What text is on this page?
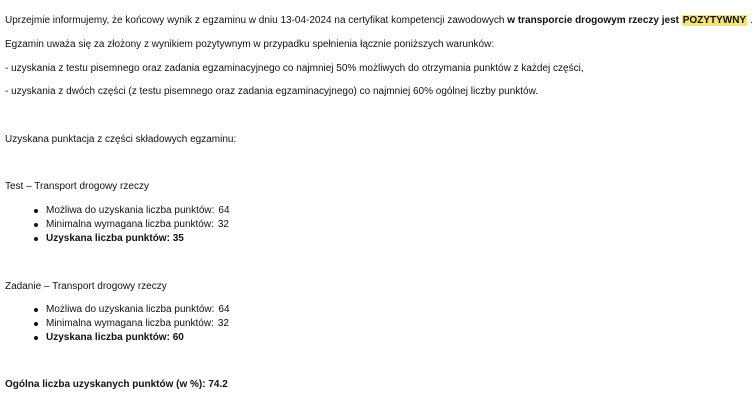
Uprzejmie informujemy, że końcowy wynik z egzaminu w dniu 13-04-2024 na certyfikat kompetencji zawodowych w transporcie drogowym rzeczy jest POZYTYWNY .
Egzamin uważa się za złożony z wynikiem pozytywnym w przypadku spełnienia łącznie poniższych warunków:
- uzyskania z testu pisemnego oraz zadania egzaminacyjnego co najmniej 50% możliwych do otrzymania punktów z każdej części,
- uzyskania z dwóch części (z testu pisemnego oraz zadania egzaminacyjnego) co najmniej 60% ogólnej liczby punktów.
Uzyskana punktacja z części składowych egzaminu:
Test – Transport drogowy rzeczy
Możliwa do uzyskania liczba punktów: 64
Minimalna wymagana liczba punktów: 32
Uzyskana liczba punktów: 35
Zadanie – Transport drogowy rzeczy
Możliwa do uzyskania liczba punktów: 64
Minimalna wymagana liczba punktów: 32
Uzyskana liczba punktów: 60
Ogólna liczba uzyskanych punktów (w %): 74.2
